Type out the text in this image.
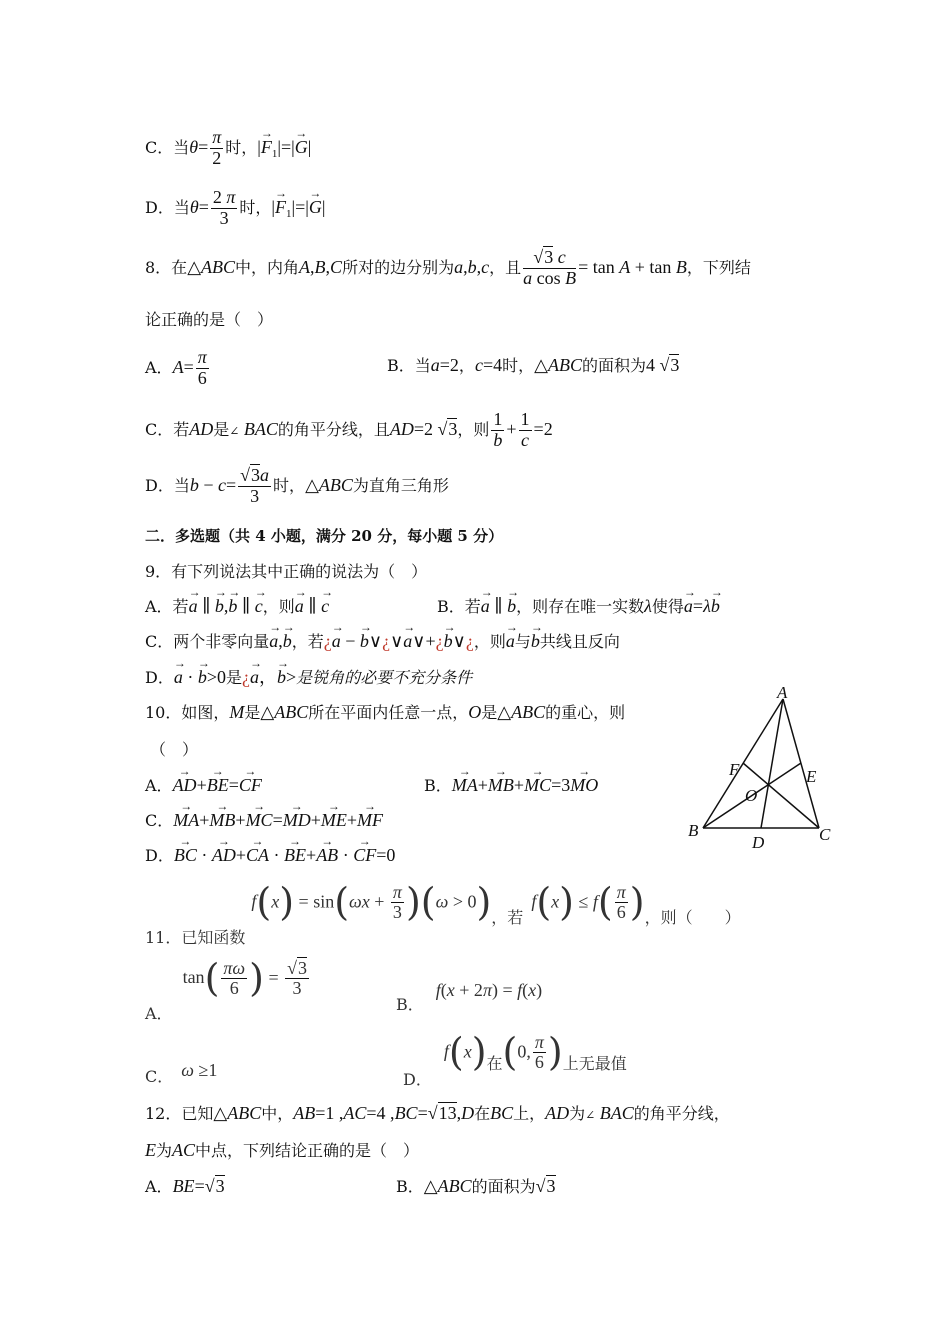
C．当$\theta= \frac{\pi}{2}$ 时，|→ $F_1|=|\to G|$
D．当$\theta= \frac{2 \pi}{3}$ 时，|→ $F_1|=|\to G|$
8．在△ABC中，内角A,B,C所对的边分别为a,b,c，且 $\frac{√3 c}{\text{a cos B}} = \tan A + \tan B$，下列结
论正确的是（　）
A．$A= \frac{\pi}{6}$	B．当a=2，c=4时，△ABC的面积为4 √3
C．若AD是∠ BAC的角平分线，且AD=2 √3，则 $\frac{1}{b} + \frac{1}{c} =2$
D．当$b - c= \frac{√3a}{3}$ 时，△ABC为直角三角形
二．多选题（共 4 小题，满分 20 分，每小题 5 分）
9．有下列说法其中正确的说法为（　）
A．若→ a ∥ → b,→ b ∥ → c，则→ a ∥ → c	B．若→ a ∥ → b，则存在唯一实数λ使得→ a=λ→ b
C．两个非零向量→ a,→ b，若¿→ a − → b∨¿∨→ a∨+¿→ b∨¿，则→ a与→ b共线且反向
D．→ a · → b>0是¿→ a，→ b>是锐角的必要不充分条件
10．如图，M是△ABC所在平面内任意一点，O是△ABC的重心，则
（　）
A．→ AD+→ BE=→ CF	B．→ MA+→ MB+→ MC=3→ MO
C．→ MA+→ MB+→ MC=→ MD+→ ME+→ MF
D．→ BC · → AD+→ CA · → BE+→ AB · → CF=0
A
B	C
D
E
F
O
11．已知函数$f(x) = \sin(\omega x + \frac{\pi}{3} )(\omega > 0)$，若$f(x) \le f( \frac{\pi}{6}$ )，则（　　）
A．$\tan( \frac{\pi\omega}{6}$ ) = $\frac{√3}{3}$
B．f(x + 2π) = f(x)
C． ω ≥1	D．f(x)在(0, $\frac{\pi}{6}$ )上无最值
12．已知△ABC中，AB=1 ,AC=4 ,BC=√13,D在BC上，AD为∠ BAC的角平分线，
E为AC中点，下列结论正确的是（　）
A．BE=√3	B．△ABC的面积为√3
